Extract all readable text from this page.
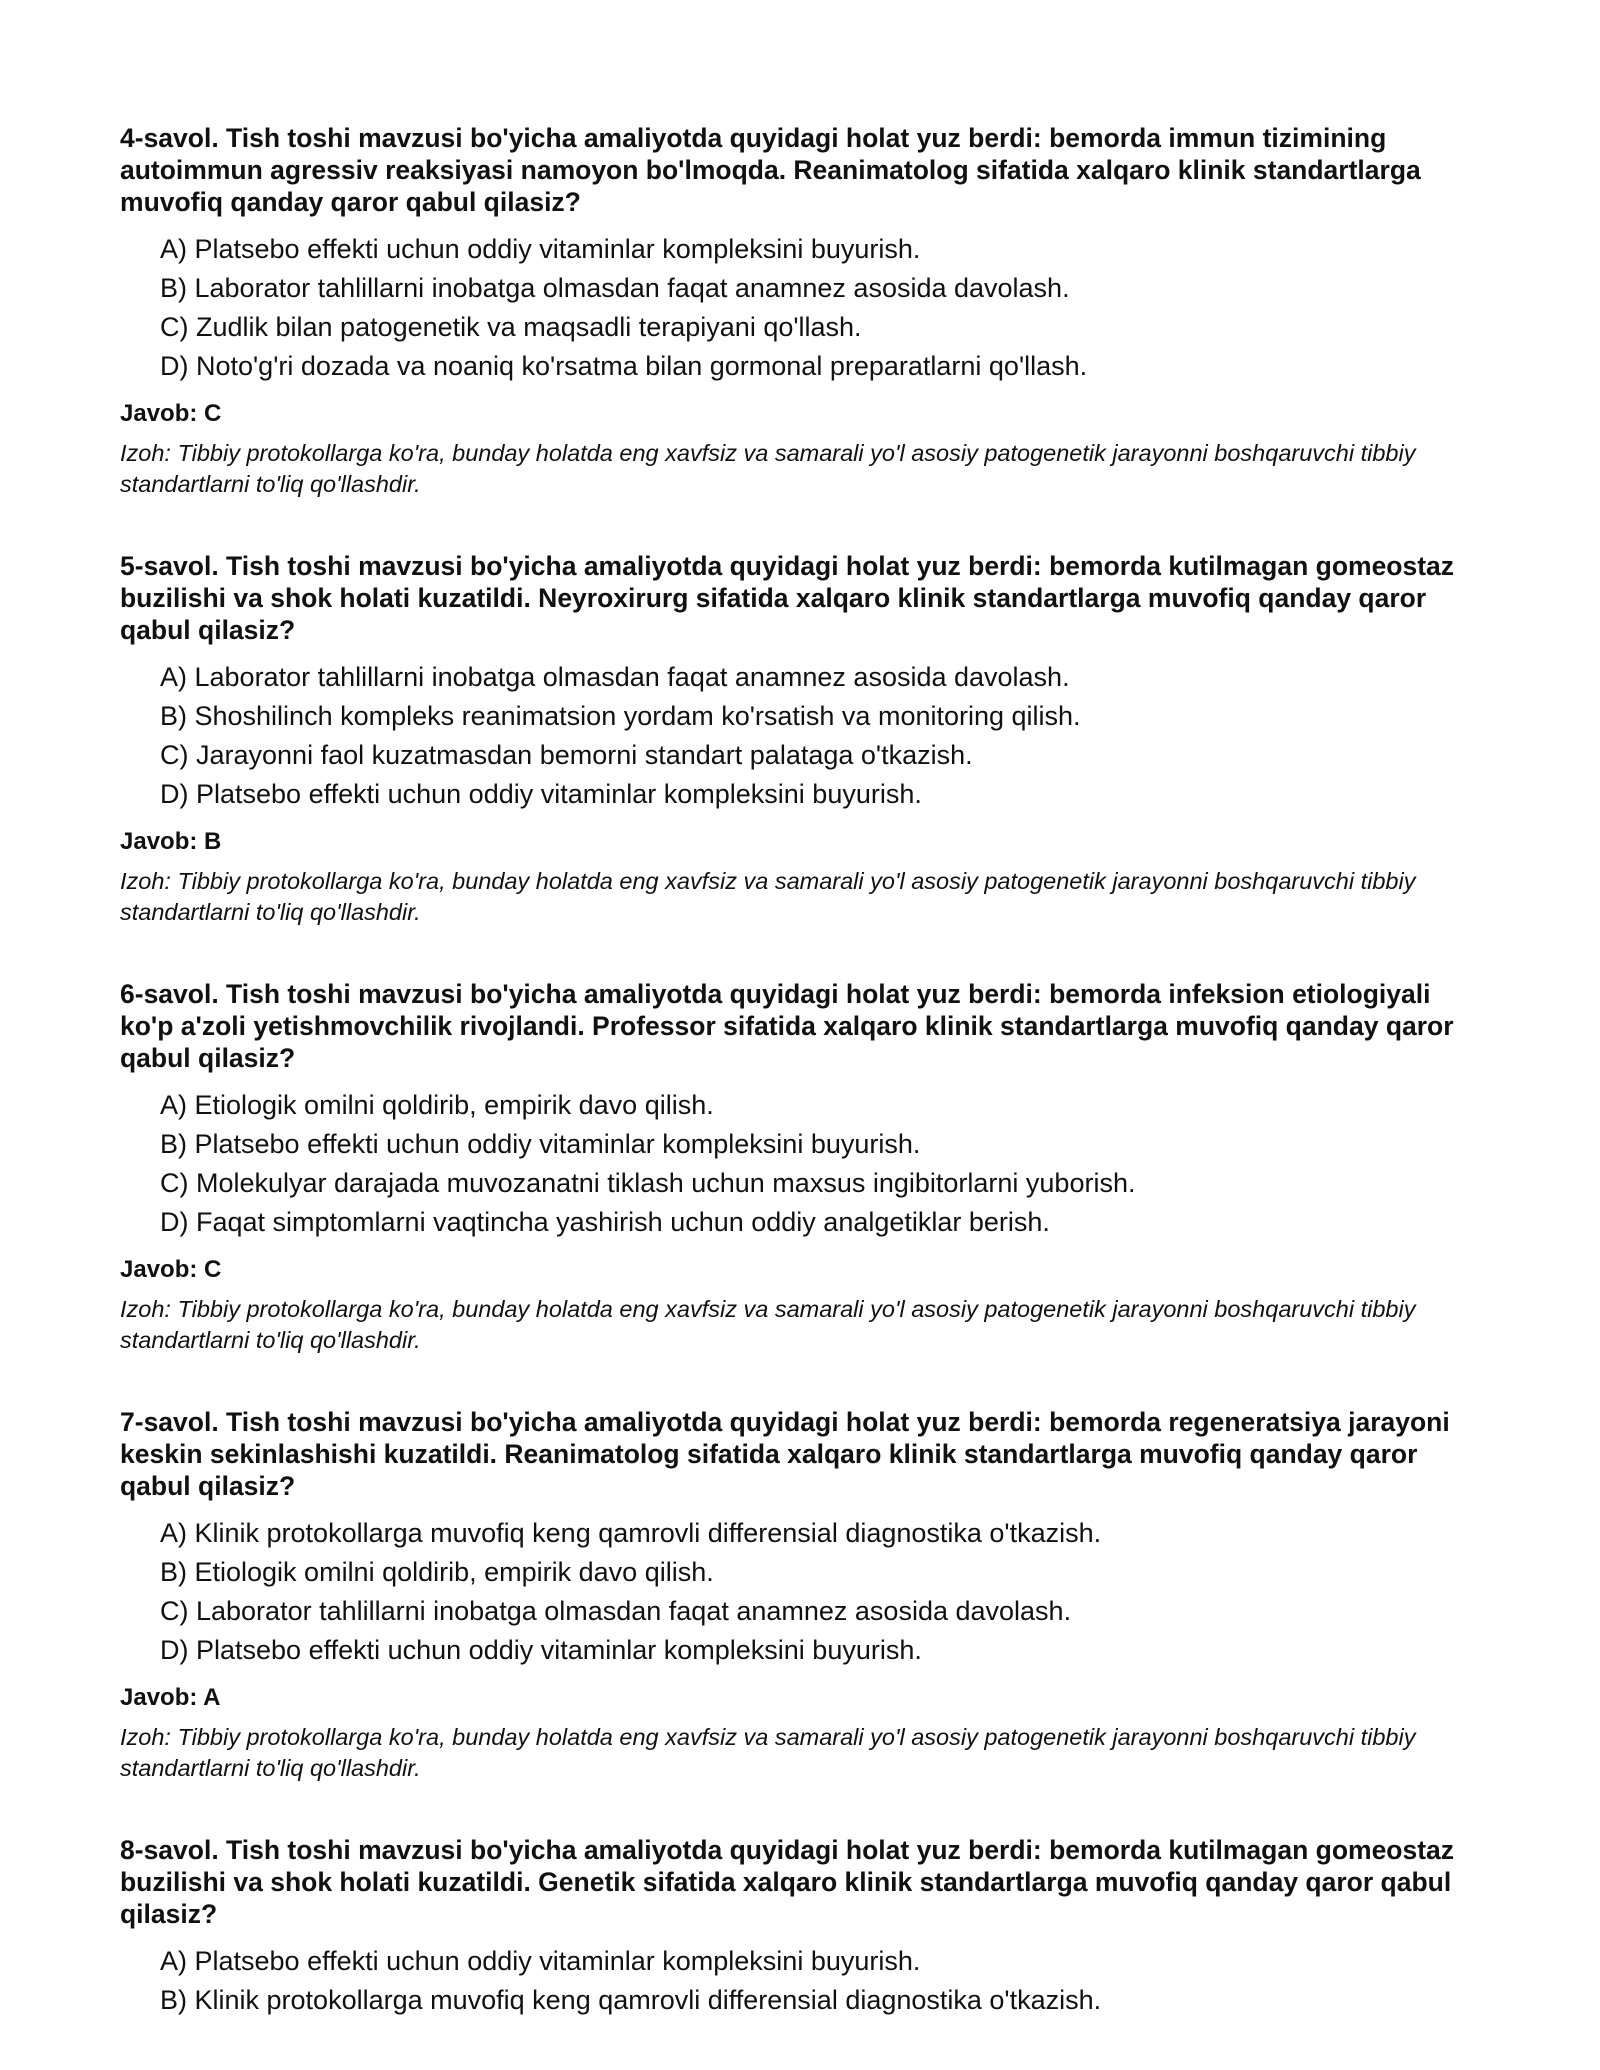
4-savol. Tish toshi mavzusi bo'yicha amaliyotda quyidagi holat yuz berdi: bemorda immun tizimining autoimmun agressiv reaksiyasi namoyon bo'lmoqda. Reanimatolog sifatida xalqaro klinik standartlarga muvofiq qanday qaror qabul qilasiz?
A) Platsebo effekti uchun oddiy vitaminlar kompleksini buyurish.
B) Laborator tahlillarni inobatga olmasdan faqat anamnez asosida davolash.
C) Zudlik bilan patogenetik va maqsadli terapiyani qo'llash.
D) Noto'g'ri dozada va noaniq ko'rsatma bilan gormonal preparatlarni qo'llash.
Javob: C

Izoh: Tibbiy protokollarga ko'ra, bunday holatda eng xavfsiz va samarali yo'l asosiy patogenetik jarayonni boshqaruvchi tibbiy standartlarni to'liq qo'llashdir.

5-savol. Tish toshi mavzusi bo'yicha amaliyotda quyidagi holat yuz berdi: bemorda kutilmagan gomeostaz buzilishi va shok holati kuzatildi. Neyroxirurg sifatida xalqaro klinik standartlarga muvofiq qanday qaror qabul qilasiz?
A) Laborator tahlillarni inobatga olmasdan faqat anamnez asosida davolash.
B) Shoshilinch kompleks reanimatsion yordam ko'rsatish va monitoring qilish.
C) Jarayonni faol kuzatmasdan bemorni standart palataga o'tkazish.
D) Platsebo effekti uchun oddiy vitaminlar kompleksini buyurish.
Javob: B

Izoh: Tibbiy protokollarga ko'ra, bunday holatda eng xavfsiz va samarali yo'l asosiy patogenetik jarayonni boshqaruvchi tibbiy standartlarni to'liq qo'llashdir.

6-savol. Tish toshi mavzusi bo'yicha amaliyotda quyidagi holat yuz berdi: bemorda infeksion etiologiyali ko'p a'zoli yetishmovchilik rivojlandi. Professor sifatida xalqaro klinik standartlarga muvofiq qanday qaror qabul qilasiz?
A) Etiologik omilni qoldirib, empirik davo qilish.
B) Platsebo effekti uchun oddiy vitaminlar kompleksini buyurish.
C) Molekulyar darajada muvozanatni tiklash uchun maxsus ingibitorlarni yuborish.
D) Faqat simptomlarni vaqtincha yashirish uchun oddiy analgetiklar berish.
Javob: C

Izoh: Tibbiy protokollarga ko'ra, bunday holatda eng xavfsiz va samarali yo'l asosiy patogenetik jarayonni boshqaruvchi tibbiy standartlarni to'liq qo'llashdir.

7-savol. Tish toshi mavzusi bo'yicha amaliyotda quyidagi holat yuz berdi: bemorda regeneratsiya jarayoni keskin sekinlashishi kuzatildi. Reanimatolog sifatida xalqaro klinik standartlarga muvofiq qanday qaror qabul qilasiz?
A) Klinik protokollarga muvofiq keng qamrovli differensial diagnostika o'tkazish.
B) Etiologik omilni qoldirib, empirik davo qilish.
C) Laborator tahlillarni inobatga olmasdan faqat anamnez asosida davolash.
D) Platsebo effekti uchun oddiy vitaminlar kompleksini buyurish.
Javob: A

Izoh: Tibbiy protokollarga ko'ra, bunday holatda eng xavfsiz va samarali yo'l asosiy patogenetik jarayonni boshqaruvchi tibbiy standartlarni to'liq qo'llashdir.

8-savol. Tish toshi mavzusi bo'yicha amaliyotda quyidagi holat yuz berdi: bemorda kutilmagan gomeostaz buzilishi va shok holati kuzatildi. Genetik sifatida xalqaro klinik standartlarga muvofiq qanday qaror qabul qilasiz?
A) Platsebo effekti uchun oddiy vitaminlar kompleksini buyurish.
B) Klinik protokollarga muvofiq keng qamrovli differensial diagnostika o'tkazish.
